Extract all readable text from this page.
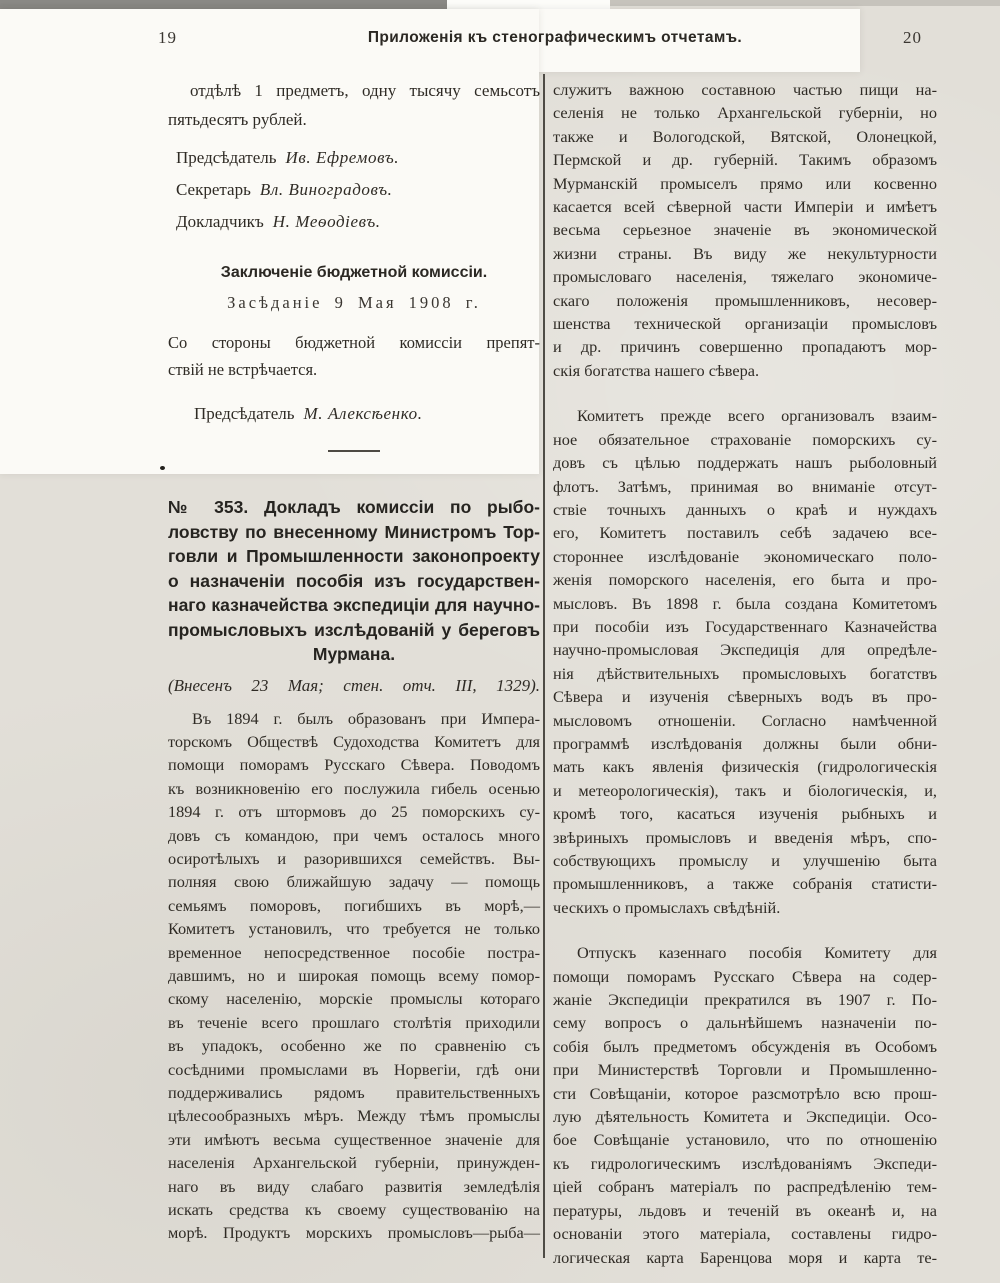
19	Приложенія къ стенографическимъ отчетамъ.	20
отдѣлѣ 1 предметъ, одну тысячу семьсотъ
пятьдесятъ рублей.
Предсѣдатель Ив. Ефремовъ.
Секретарь Вл. Виноградовъ.
Докладчикъ Н. Меѳодіевъ.
Заключеніе бюджетной комиссіи.
Засѣданіе 9 Мая 1908 г.
Со стороны бюджетной комиссіи препят-
ствій не встрѣчается.
Предсѣдатель М. Алексѣенко.
№ 353. Докладъ комиссіи по рыбо-
ловству по внесенному Министромъ Тор-
говли и Промышленности законопроекту
о назначеніи пособія изъ государствен-
наго казначейства экспедиціи для научно-
промысловыхъ изслѣдованій у береговъ
Мурмана.
(Внесенъ 23 Мая; стен. отч. III, 1329).
Въ 1894 г. былъ образованъ при Импера-
торскомъ Обществѣ Судоходства Комитетъ для
помощи поморамъ Русскаго Сѣвера. Поводомъ
къ возникновенію его послужила гибель осенью
1894 г. отъ штормовъ до 25 поморскихъ су-
довъ съ командою, при чемъ осталось много
осиротѣлыхъ и разорившихся семействъ. Вы-
полняя свою ближайшую задачу — помощь
семьямъ поморовъ, погибшихъ въ морѣ,—
Комитетъ установилъ, что требуется не только
временное непосредственное пособіе постра-
давшимъ, но и широкая помощь всему помор-
скому населенію, морскіе промыслы котораго
въ теченіе всего прошлаго столѣтія приходили
въ упадокъ, особенно же по сравненію съ
сосѣдними промыслами въ Норвегіи, гдѣ они
поддерживались рядомъ правительственныхъ
цѣлесообразныхъ мѣръ. Между тѣмъ промыслы
эти имѣютъ весьма существенное значеніе для
населенія Архангельской губерніи, принужден-
наго въ виду слабаго развитія земледѣлія
искать средства къ своему существованію на
морѣ. Продуктъ морскихъ промысловъ—рыба—
служитъ важною составною частью пищи на-
селенія не только Архангельской губерніи, но
также и Вологодской, Вятской, Олонецкой,
Пермской и др. губерній. Такимъ образомъ
Мурманскій промыселъ прямо или косвенно
касается всей сѣверной части Имперіи и имѣетъ
весьма серьезное значеніе въ экономической
жизни страны. Въ виду же некультурности
промысловаго населенія, тяжелаго экономиче-
скаго положенія промышленниковъ, несовер-
шенства технической организаціи промысловъ
и др. причинъ совершенно пропадаютъ мор-
скія богатства нашего сѣвера.
Комитетъ прежде всего организовалъ взаим-
ное обязательное страхованіе поморскихъ су-
довъ съ цѣлью поддержать нашъ рыболовный
флотъ. Затѣмъ, принимая во вниманіе отсут-
ствіе точныхъ данныхъ о краѣ и нуждахъ
его, Комитетъ поставилъ себѣ задачею все-
стороннее изслѣдованіе экономическаго поло-
женія поморского населенія, его быта и про-
мысловъ. Въ 1898 г. была создана Комитетомъ
при пособіи изъ Государственнаго Казначейства
научно-промысловая Экспедиція для опредѣле-
нія дѣйствительныхъ промысловыхъ богатствъ
Сѣвера и изученія сѣверныхъ водъ въ про-
мысловомъ отношеніи. Согласно намѣченной
программѣ изслѣдованія должны были обни-
мать какъ явленія физическія (гидрологическія
и метеорологическія), такъ и біологическія, и,
кромѣ того, касаться изученія рыбныхъ и
звѣриныхъ промысловъ и введенія мѣръ, спо-
собствующихъ промыслу и улучшенію быта
промышленниковъ, а также собранія статисти-
ческихъ о промыслахъ свѣдѣній.
Отпускъ казеннаго пособія Комитету для
помощи поморамъ Русскаго Сѣвера на содер-
жаніе Экспедиціи прекратился въ 1907 г. По-
сему вопросъ о дальнѣйшемъ назначеніи по-
собія былъ предметомъ обсужденія въ Особомъ
при Министерствѣ Торговли и Промышленно-
сти Совѣщаніи, которое разсмотрѣло всю прош-
лую дѣятельность Комитета и Экспедиціи. Осо-
бое Совѣщаніе установило, что по отношенію
къ гидрологическимъ изслѣдованіямъ Экспеди-
ціей собранъ матеріалъ по распредѣленію тем-
пературы, льдовъ и теченій въ океанѣ и, на
основаніи этого матеріала, составлены гидро-
логическая карта Баренцова моря и карта те-
